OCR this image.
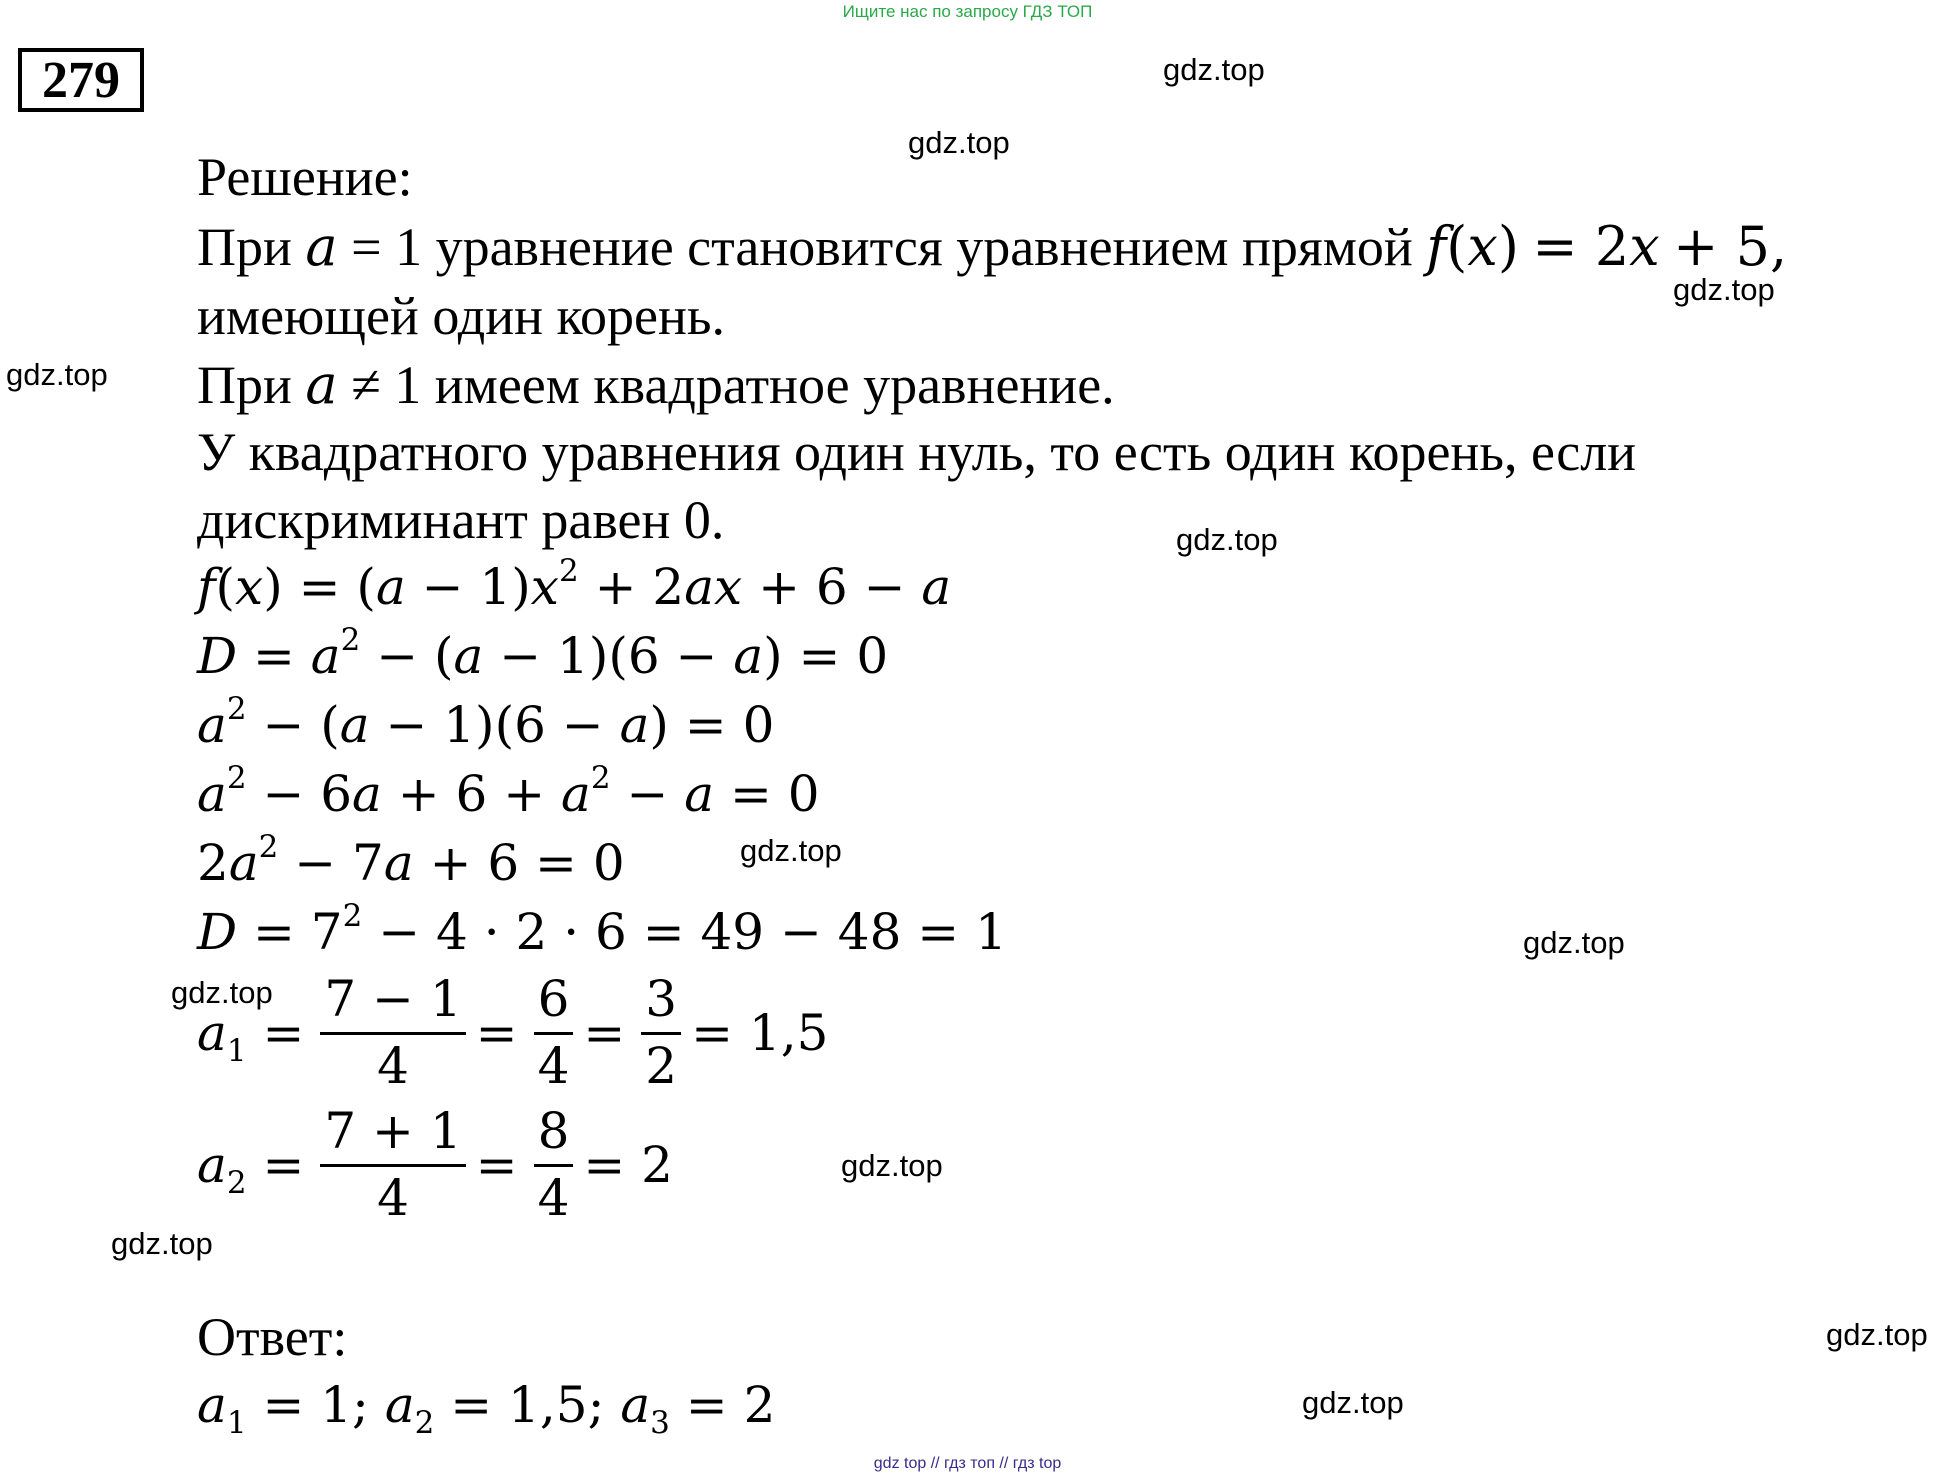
Ищите нас по запросу ГДЗ ТОП
279	gdz.top
gdz.top
gdz.top
gdz.top
gdz.top
gdz.top
gdz.top
gdz.top
gdz.top
gdz.top
gdz.top
gdz.top
Решение:
При a = 1 уравнение становится уравнением прямой f(x) = 2x + 5,
имеющей один корень.
При a ≠ 1 имеем квадратное уравнение.
У квадратного уравнения один нуль, то есть один корень, если
дискриминант равен 0.
$f(x) = (a - 1)x^2 + 2ax + 6 - a$
$D = a^2 - (a - 1)(6 - a) = 0$
$a^2 - (a - 1)(6 - a) = 0$
$a^2 - 6a + 6 + a^2 - a = 0$
$2a^2 - 7a + 6 = 0$
$D = 7^2 - 4 \cdot 2 \cdot 6 = 49 - 48 = 1$
$a_1 = \frac{7 - 1}{4} = \frac{6}{4} = \frac{3}{2} = 1,5$
$a_2 = \frac{7 + 1}{4} = \frac{8}{4} = 2$
Ответ:
$a_1 = 1$; $a_2 = 1,5$; $a_3 = 2$
gdz top // гдз топ // гдз top
